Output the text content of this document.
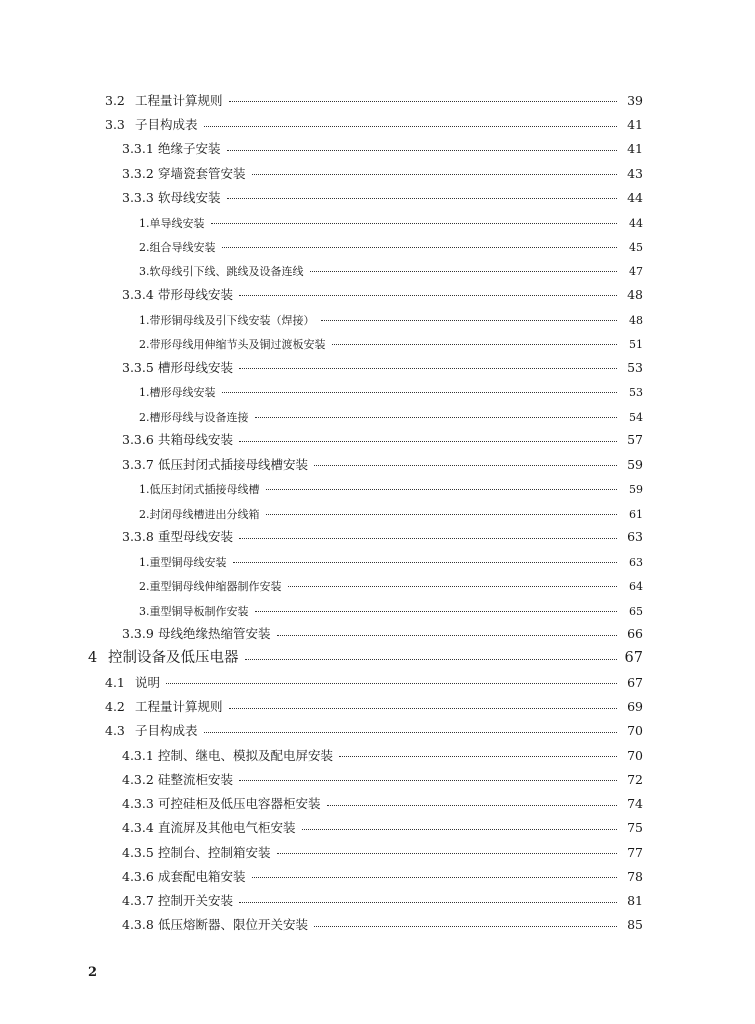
3.2 工程量计算规则	39
3.3 子目构成表	41
3.3.1 绝缘子安装	41
3.3.2 穿墙瓷套管安装	43
3.3.3 软母线安装	44
1. 单导线安装	44
2. 组合导线安装	45
3. 软母线引下线、跳线及设备连线	47
3.3.4 带形母线安装	48
1. 带形铜母线及引下线安装（焊接）	48
2. 带形母线用伸缩节头及铜过渡板安装	51
3.3.5 槽形母线安装	53
1. 槽形母线安装	53
2. 槽形母线与设备连接	54
3.3.6 共箱母线安装	57
3.3.7 低压封闭式插接母线槽安装	59
1. 低压封闭式插接母线槽	59
2. 封闭母线槽进出分线箱	61
3.3.8 重型母线安装	63
1. 重型铜母线安装	63
2. 重型铜母线伸缩器制作安装	64
3. 重型铜导板制作安装	65
3.3.9 母线绝缘热缩管安装	66
4 控制设备及低压电器	67
4.1 说明	67
4.2 工程量计算规则	69
4.3 子目构成表	70
4.3.1 控制、继电、模拟及配电屏安装	70
4.3.2 硅整流柜安装	72
4.3.3 可控硅柜及低压电容器柜安装	74
4.3.4 直流屏及其他电气柜安装	75
4.3.5 控制台、控制箱安装	77
4.3.6 成套配电箱安装	78
4.3.7 控制开关安装	81
4.3.8 低压熔断器、限位开关安装	85
2
